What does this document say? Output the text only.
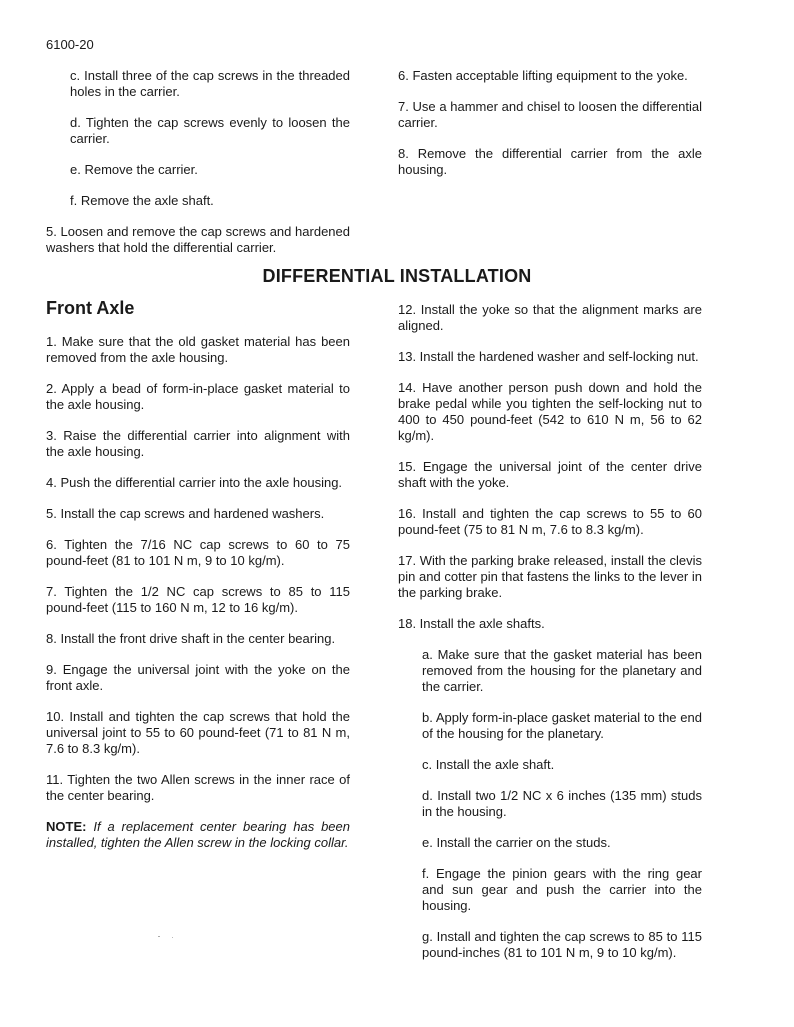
6100-20

c. Install three of the cap screws in the threaded holes in the carrier.

d. Tighten the cap screws evenly to loosen the carrier.

e. Remove the carrier.

f. Remove the axle shaft.

5. Loosen and remove the cap screws and hardened washers that hold the differential carrier.

6. Fasten acceptable lifting equipment to the yoke.

7. Use a hammer and chisel to loosen the differential carrier.

8. Remove the differential carrier from the axle housing.

DIFFERENTIAL INSTALLATION
Front Axle

1. Make sure that the old gasket material has been removed from the axle housing.

2. Apply a bead of form-in-place gasket material to the axle housing.

3. Raise the differential carrier into alignment with the axle housing.

4. Push the differential carrier into the axle housing.

5. Install the cap screws and hardened washers.

6. Tighten the 7/16 NC cap screws to 60 to 75 pound-feet (81 to 101 N m, 9 to 10 kg/m).

7. Tighten the 1/2 NC cap screws to 85 to 115 pound-feet (115 to 160 N m, 12 to 16 kg/m).

8. Install the front drive shaft in the center bearing.

9. Engage the universal joint with the yoke on the front axle.

10. Install and tighten the cap screws that hold the universal joint to 55 to 60 pound-feet (71 to 81 N m, 7.6 to 8.3 kg/m).

11. Tighten the two Allen screws in the inner race of the center bearing.

NOTE: If a replacement center bearing has been installed, tighten the Allen screw in the locking collar.

12. Install the yoke so that the alignment marks are aligned.

13. Install the hardened washer and self-locking nut.

14. Have another person push down and hold the brake pedal while you tighten the self-locking nut to 400 to 450 pound-feet (542 to 610 N m, 56 to 62 kg/m).

15. Engage the universal joint of the center drive shaft with the yoke.

16. Install and tighten the cap screws to 55 to 60 pound-feet (75 to 81 N m, 7.6 to 8.3 kg/m).

17. With the parking brake released, install the clevis pin and cotter pin that fastens the links to the lever in the parking brake.

18. Install the axle shafts.

a. Make sure that the gasket material has been removed from the housing for the planetary and the carrier.

b. Apply form-in-place gasket material to the end of the housing for the planetary.

c. Install the axle shaft.

d. Install two 1/2 NC x 6 inches (135 mm) studs in the housing.

e. Install the carrier on the studs.

f. Engage the pinion gears with the ring gear and sun gear and push the carrier into the housing.

g. Install and tighten the cap screws to 85 to 115 pound-inches (81 to 101 N m, 9 to 10 kg/m).
